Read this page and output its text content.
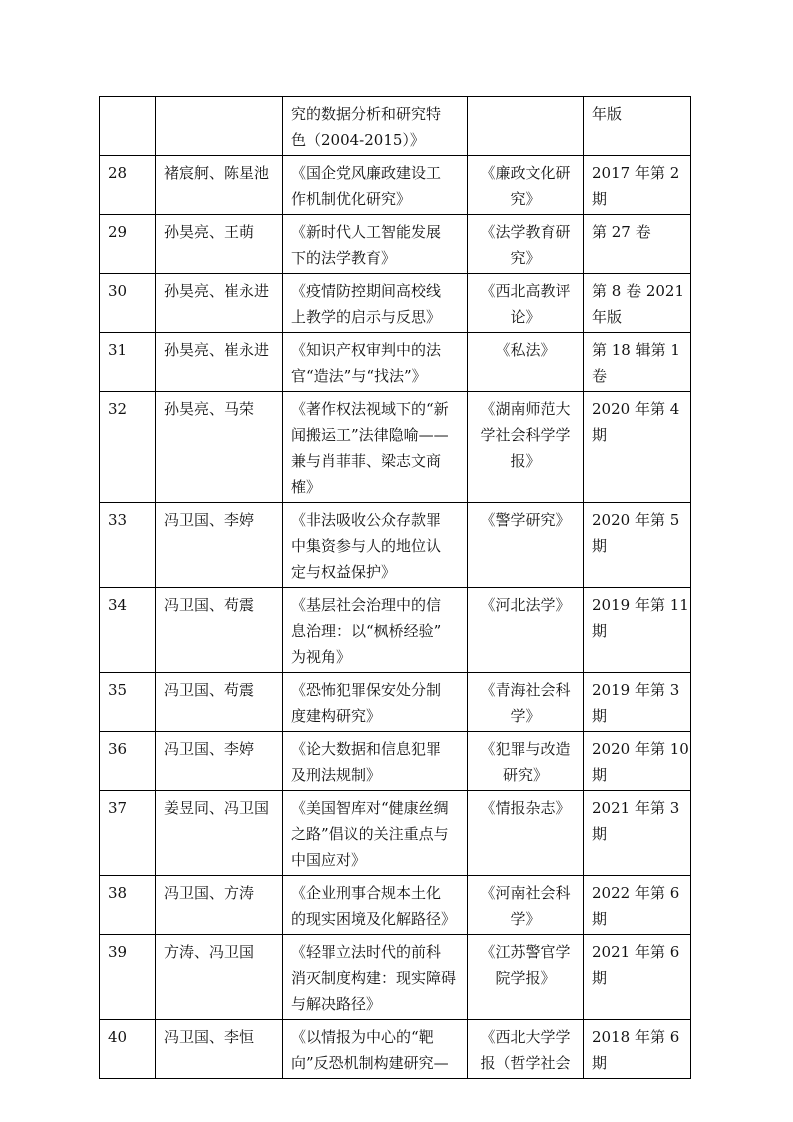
		究的数据分析和研究特
色（2004-2015）》		年版

28	褚宸舸、陈星池	《国企党风廉政建设工
作机制优化研究》	《廉政文化研
究》	2017 年第 2
期

29	孙昊亮、王萌	《新时代人工智能发展
下的法学教育》	《法学教育研
究》	第 27 卷

30	孙昊亮、崔永进	《疫情防控期间高校线
上教学的启示与反思》	《西北高教评
论》	第 8 卷 2021
年版

31	孙昊亮、崔永进	《知识产权审判中的法
官“造法”与“找法”》	《私法》	第 18 辑第 1
卷

32	孙昊亮、马荣	《著作权法视域下的“新
闻搬运工”法律隐喻——
兼与肖菲菲、梁志文商
榷》	《湖南师范大
学社会科学学
报》	2020 年第 4
期

33	冯卫国、李婷	《非法吸收公众存款罪
中集资参与人的地位认
定与权益保护》	《警学研究》	2020 年第 5
期

34	冯卫国、苟震	《基层社会治理中的信
息治理：以“枫桥经验”
为视角》	《河北法学》	2019 年第 11
期

35	冯卫国、苟震	《恐怖犯罪保安处分制
度建构研究》	《青海社会科
学》	2019 年第 3
期

36	冯卫国、李婷	《论大数据和信息犯罪
及刑法规制》	《犯罪与改造
研究》	2020 年第 10
期

37	姜昱同、冯卫国	《美国智库对“健康丝绸
之路”倡议的关注重点与
中国应对》	《情报杂志》	2021 年第 3
期

38	冯卫国、方涛	《企业刑事合规本土化
的现实困境及化解路径》	《河南社会科
学》	2022 年第 6
期

39	方涛、冯卫国	《轻罪立法时代的前科
消灭制度构建：现实障碍
与解决路径》	《江苏警官学
院学报》	2021 年第 6
期

40	冯卫国、李恒	《以情报为中心的“靶
向”反恐机制构建研究—	《西北大学学
报（哲学社会	2018 年第 6
期
